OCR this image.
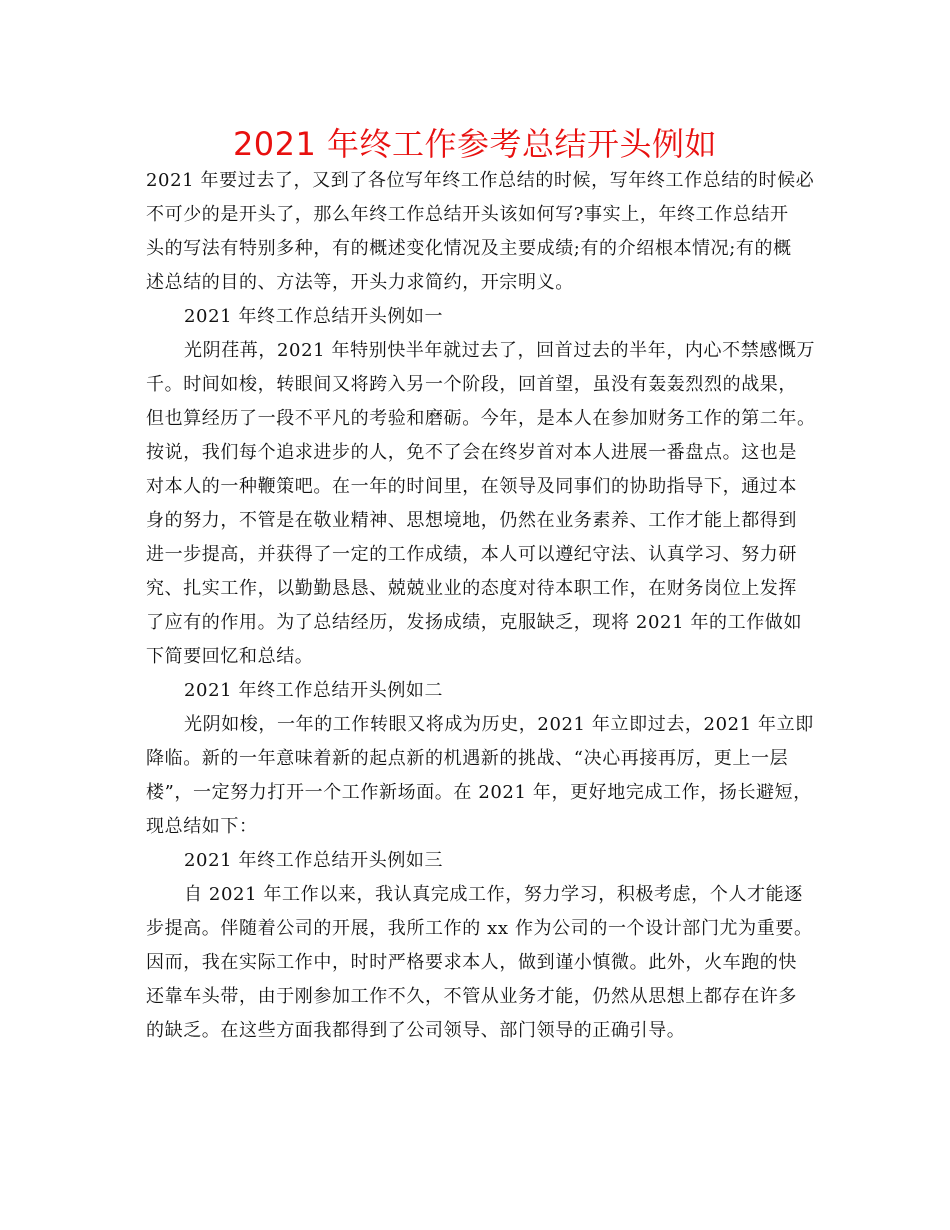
2021 年终工作参考总结开头例如
2021 年要过去了，又到了各位写年终工作总结的时候，写年终工作总结的时候必
不可少的是开头了，那么年终工作总结开头该如何写?事实上，年终工作总结开
头的写法有特别多种，有的概述变化情况及主要成绩;有的介绍根本情况;有的概
述总结的目的、方法等，开头力求简约，开宗明义。
2021 年终工作总结开头例如一
光阴荏苒，2021 年特别快半年就过去了，回首过去的半年，内心不禁感慨万
千。时间如梭，转眼间又将跨入另一个阶段，回首望，虽没有轰轰烈烈的战果，
但也算经历了一段不平凡的考验和磨砺。今年，是本人在参加财务工作的第二年。
按说，我们每个追求进步的人，免不了会在终岁首对本人进展一番盘点。这也是
对本人的一种鞭策吧。在一年的时间里，在领导及同事们的协助指导下，通过本
身的努力，不管是在敬业精神、思想境地，仍然在业务素养、工作才能上都得到
进一步提高，并获得了一定的工作成绩，本人可以遵纪守法、认真学习、努力研
究、扎实工作，以勤勤恳恳、兢兢业业的态度对待本职工作，在财务岗位上发挥
了应有的作用。为了总结经历，发扬成绩，克服缺乏，现将 2021 年的工作做如
下简要回忆和总结。
2021 年终工作总结开头例如二
光阴如梭，一年的工作转眼又将成为历史，2021 年立即过去，2021 年立即
降临。新的一年意味着新的起点新的机遇新的挑战、“决心再接再厉，更上一层
楼”，一定努力打开一个工作新场面。在 2021 年，更好地完成工作，扬长避短，
现总结如下：
2021 年终工作总结开头例如三
自 2021 年工作以来，我认真完成工作，努力学习，积极考虑，个人才能逐
步提高。伴随着公司的开展，我所工作的 xx 作为公司的一个设计部门尤为重要。
因而，我在实际工作中，时时严格要求本人，做到谨小慎微。此外，火车跑的快
还靠车头带，由于刚参加工作不久，不管从业务才能，仍然从思想上都存在许多
的缺乏。在这些方面我都得到了公司领导、部门领导的正确引导。
